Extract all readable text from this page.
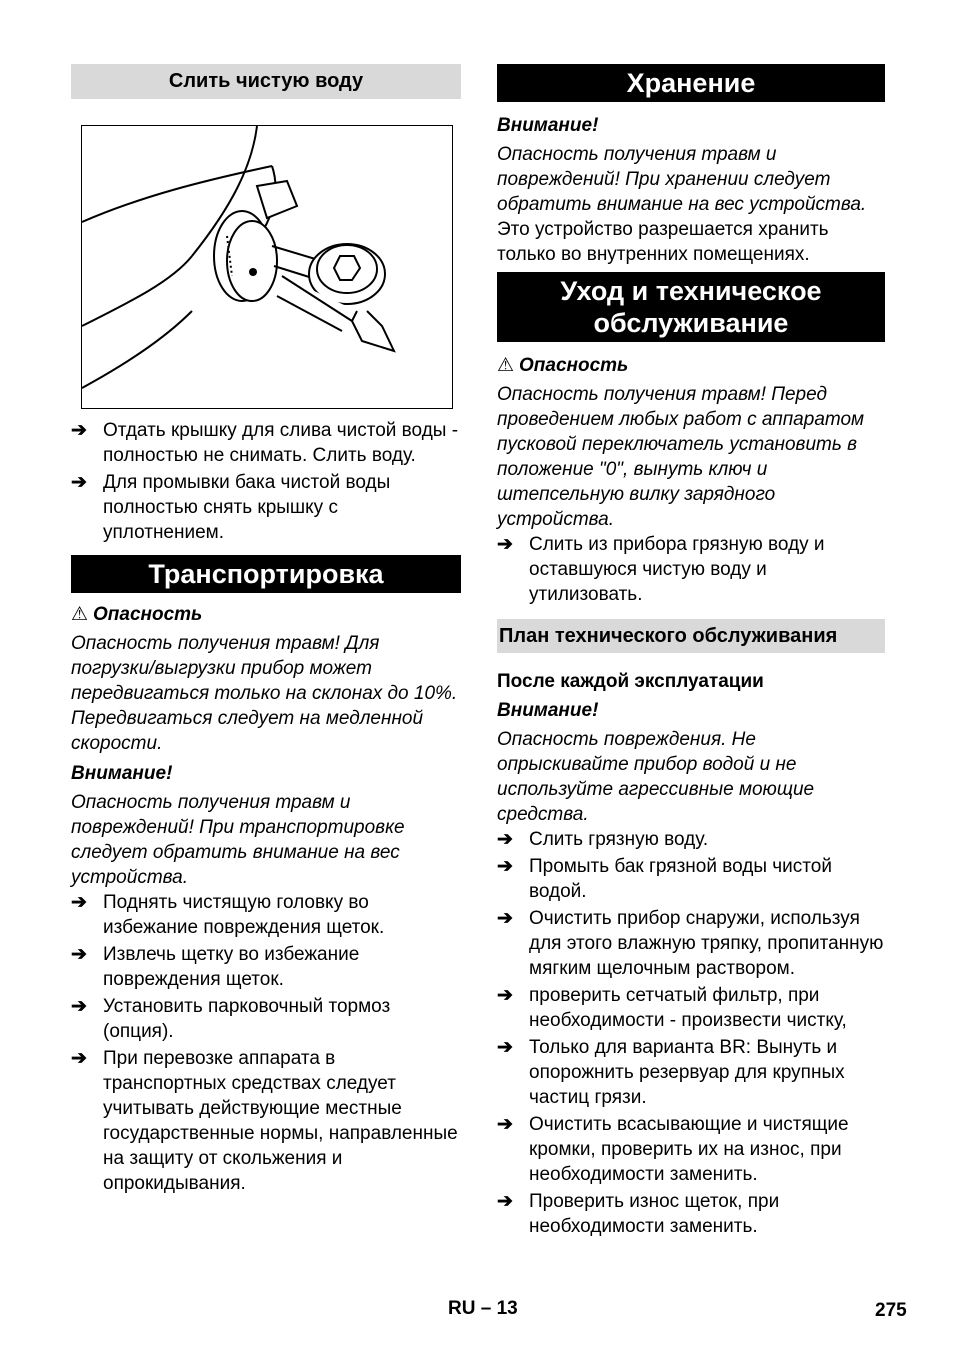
Слить чистую воду
➔ Отдать крышку для слива чистой воды - полностью не снимать. Слить воду.
➔ Для промывки бака чистой воды полностью снять крышку с уплотнением.
Транспортировка
⚠ Опасность

Опасность получения травм! Для погрузки/выгрузки прибор может передвигаться только на склонах до 10%. Передвигаться следует на медленной скорости.

Внимание!

Опасность получения травм и повреждений! При транспортировке следует обратить внимание на вес устройства.

➔ Поднять чистящую головку во избежание повреждения щеток.
➔ Извлечь щетку во избежание повреждения щеток.
➔ Установить парковочный тормоз (опция).
➔ При перевозке аппарата в транспортных средствах следует учитывать действующие местные государственные нормы, направленные на защиту от скольжения и опрокидывания.
Хранение

Внимание!

Опасность получения травм и повреждений! При хранении следует обратить внимание на вес устройства.

Это устройство разрешается хранить только во внутренних помещениях.

Уход и техническое обслуживание
⚠ Опасность

Опасность получения травм! Перед проведением любых работ с аппаратом пусковой переключатель установить в положение "0", вынуть ключ и штепсельную вилку зарядного устройства.

➔ Слить из прибора грязную воду и оставшуюся чистую воду и утилизовать.
План технического обслуживания

После каждой эксплуатации

Внимание!

Опасность повреждения. Не опрыскивайте прибор водой и не используйте агрессивные моющие средства.

➔ Слить грязную воду.
➔ Промыть бак грязной воды чистой водой.
➔ Очистить прибор снаружи, используя для этого влажную тряпку, пропитанную мягким щелочным раствором.
➔ проверить сетчатый фильтр, при необходимости - произвести чистку,
➔ Только для варианта BR: Вынуть и опорожнить резервуар для крупных частиц грязи.
➔ Очистить всасывающие и чистящие кромки, проверить их на износ, при необходимости заменить.
➔ Проверить износ щеток, при необходимости заменить.
RU – 13	275
